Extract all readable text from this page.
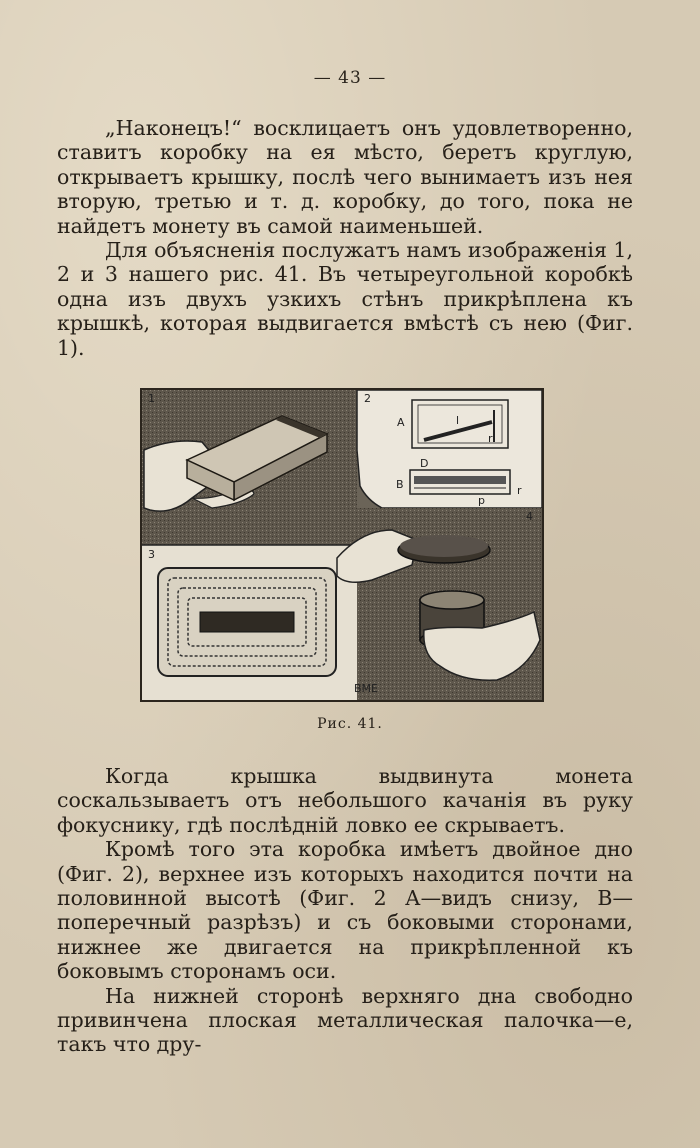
— 43 —

„Наконецъ!“ восклицаетъ онъ удовлетворенно, ставитъ коробку на ея мѣсто, беретъ круглую, открываетъ крышку, послѣ чего вынимаетъ изъ нея вторую, третью и т. д. коробку, до того, пока не найдетъ монету въ самой наименьшей.

Для объясненія послужатъ намъ изображенія 1, 2 и 3 нашего рис. 41. Въ четыреугольной коробкѣ одна изъ двухъ узкихъ стѣнъ прикрѣплена къ крышкѣ, которая выдвигается вмѣстѣ съ нею (Фиг. 1).

1	2
3
4
A	l
r
D
B	r
p
ВМЕ
Рис. 41.

Когда крышка выдвинута монета соскальзываетъ отъ небольшого качанія въ руку фокуснику, гдѣ послѣдній ловко ее скрываетъ.

Кромѣ того эта коробка имѣетъ двойное дно (Фиг. 2), верхнее изъ которыхъ находится почти на половинной высотѣ (Фиг. 2 А—видъ снизу, В—поперечный разрѣзъ) и съ боковыми сторонами, нижнее же двигается на прикрѣпленной къ боковымъ сторонамъ оси.

На нижней сторонѣ верхняго дна свободно привинчена плоская металлическая палочка—е, такъ что дру-
